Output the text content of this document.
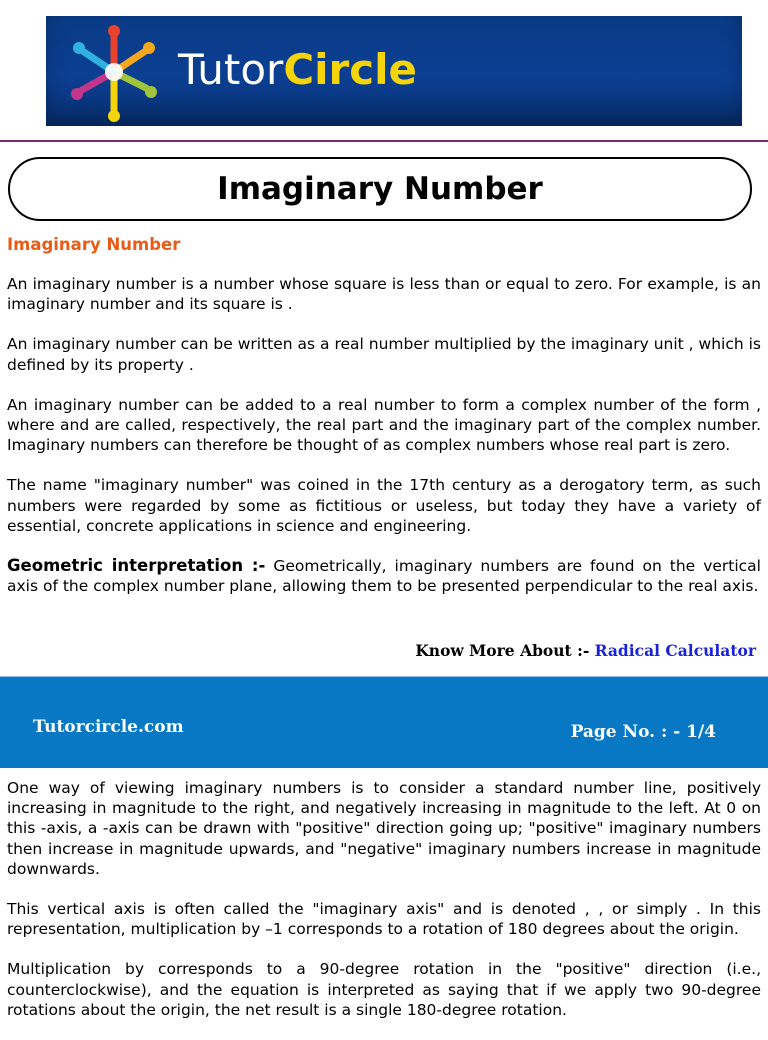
TutorCircle
Imaginary Number
Imaginary Number

An imaginary number is a number whose square is less than or equal to zero. For example, is an imaginary number and its square is .

An imaginary number can be written as a real number multiplied by the imaginary unit , which is defined by its property .

An imaginary number can be added to a real number to form a complex number of the form , where and are called, respectively, the real part and the imaginary part of the complex number. Imaginary numbers can therefore be thought of as complex numbers whose real part is zero.

The name "imaginary number" was coined in the 17th century as a derogatory term, as such numbers were regarded by some as fictitious or useless, but today they have a variety of essential, concrete applications in science and engineering.

Geometric interpretation :- Geometrically, imaginary numbers are found on the vertical axis of the complex number plane, allowing them to be presented perpendicular to the real axis.

Know More About :- Radical Calculator
Tutorcircle.com	Page No. : - 1/4

One way of viewing imaginary numbers is to consider a standard number line, positively increasing in magnitude to the right, and negatively increasing in magnitude to the left. At 0 on this -axis, a -axis can be drawn with "positive" direction going up; "positive" imaginary numbers then increase in magnitude upwards, and "negative" imaginary numbers increase in magnitude downwards.

This vertical axis is often called the "imaginary axis" and is denoted , , or simply . In this representation, multiplication by –1 corresponds to a rotation of 180 degrees about the origin.

Multiplication by corresponds to a 90-degree rotation in the "positive" direction (i.e., counterclockwise), and the equation is interpreted as saying that if we apply two 90-degree rotations about the origin, the net result is a single 180-degree rotation.
